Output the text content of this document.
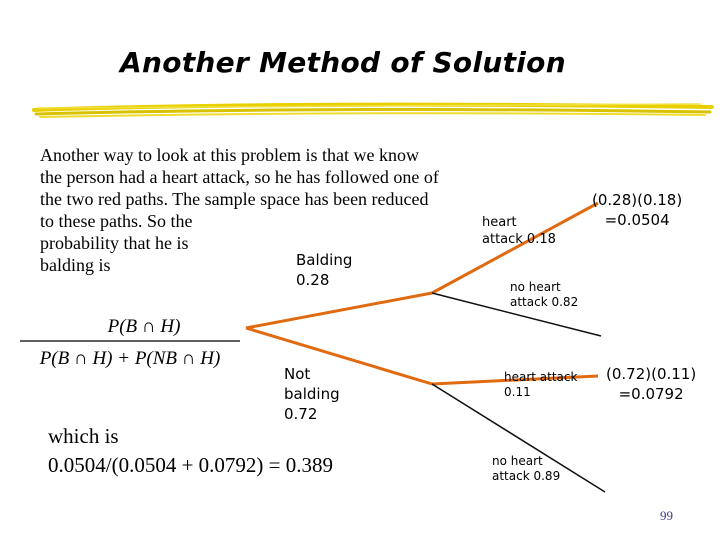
Another Method of Solution
Another way to look at this problem is that we know
the person had a heart attack, so he has followed one of
the two red paths. The sample space has been reduced
to these paths. So the
probability that he is
balding is	Balding
0.28
Not
balding
0.72
heart
attack 0.18
no heart
attack 0.82
heart attack
0.11
no heart
attack 0.89
(0.28)(0.18)
=0.0504
(0.72)(0.11)
=0.0792
P(B ∩ H)
P(B ∩ H) + P(NB ∩ H)
which is
0.0504/(0.0504 + 0.0792) = 0.389
99
